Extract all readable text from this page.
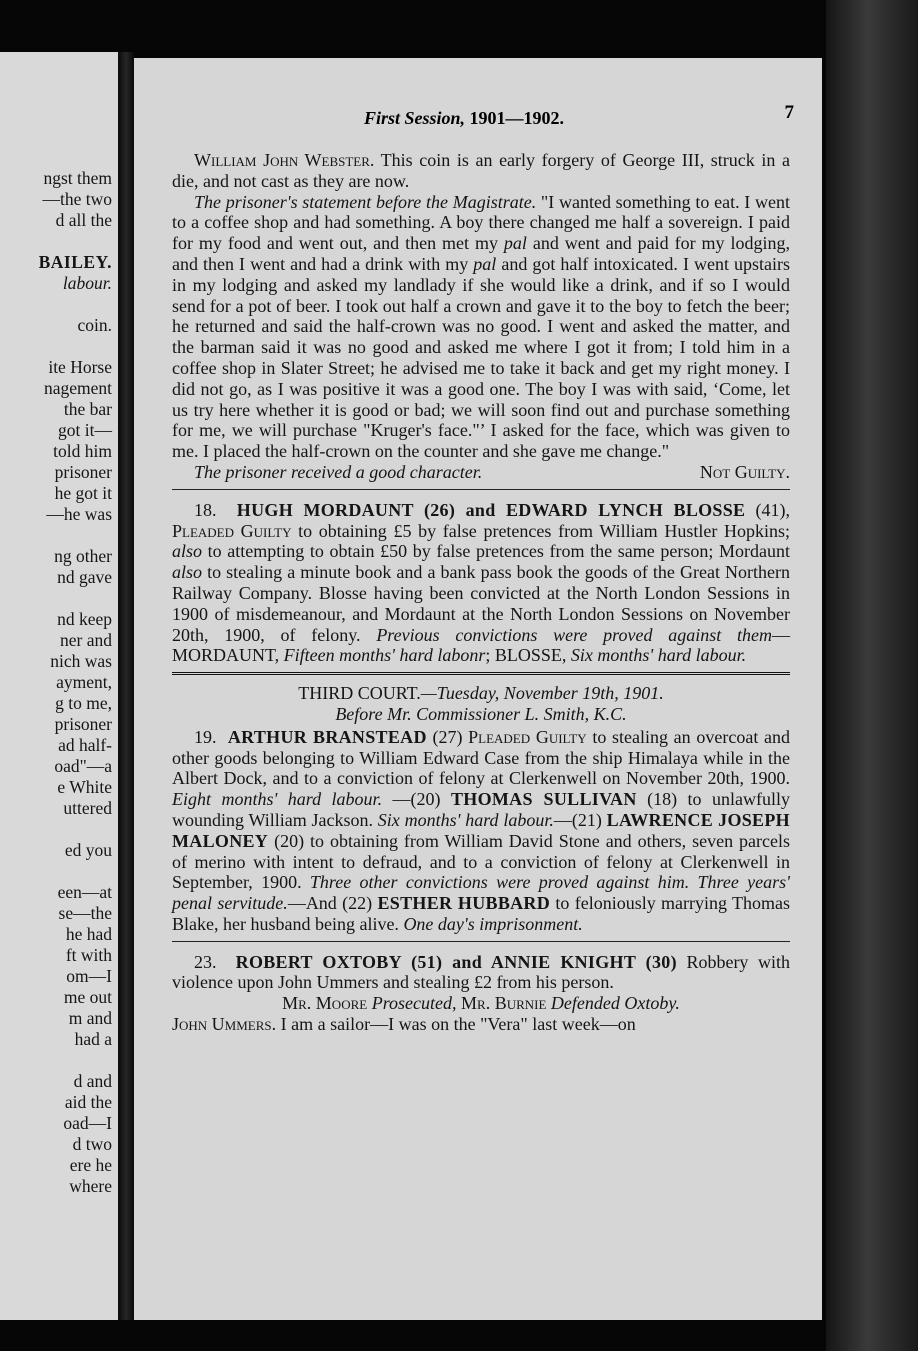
ngst them
—the two
d all the
BAILEY.
labour.
coin.
ite Horse
nagement
the bar
got it—
told him
prisoner
he got it
—he was
ng other
nd gave
nd keep
ner and
nich was
ayment,
g to me,
prisoner
ad half-
oad"—a
e White
uttered
ed you
een—at
se—the
he had
ft with
om—I
me out
m and
had a
d and
aid the
oad—I
d two
ere he
where
First Session, 1901—1902.	7

William John Webster. This coin is an early forgery of George III, struck in a die, and not cast as they are now.

The prisoner's statement before the Magistrate. "I wanted something to eat. I went to a coffee shop and had something. A boy there changed me half a sovereign. I paid for my food and went out, and then met my pal and went and paid for my lodging, and then I went and had a drink with my pal and got half intoxicated. I went upstairs in my lodging and asked my landlady if she would like a drink, and if so I would send for a pot of beer. I took out half a crown and gave it to the boy to fetch the beer; he returned and said the half-crown was no good. I went and asked the matter, and the barman said it was no good and asked me where I got it from; I told him in a coffee shop in Slater Street; he advised me to take it back and get my right money. I did not go, as I was positive it was a good one. The boy I was with said, ‘Come, let us try here whether it is good or bad; we will soon find out and purchase something for me, we will purchase "Kruger's face."’ I asked for the face, which was given to me. I placed the half-crown on the counter and she gave me change."

The prisoner received a good character.	Not Guilty.

18. HUGH MORDAUNT (26) and EDWARD LYNCH BLOSSE (41), Pleaded Guilty to obtaining £5 by false pretences from William Hustler Hopkins; also to attempting to obtain £50 by false pretences from the same person; Mordaunt also to stealing a minute book and a bank pass book the goods of the Great Northern Railway Company. Blosse having been convicted at the North London Sessions in 1900 of misdemeanour, and Mordaunt at the North London Sessions on November 20th, 1900, of felony. Previous convictions were proved against them—MORDAUNT, Fifteen months' hard labonr; BLOSSE, Six months' hard labour.

THIRD COURT.—Tuesday, November 19th, 1901.

Before Mr. Commissioner L. Smith, K.C.

19. ARTHUR BRANSTEAD (27) Pleaded Guilty to stealing an overcoat and other goods belonging to William Edward Case from the ship Himalaya while in the Albert Dock, and to a conviction of felony at Clerkenwell on November 20th, 1900. Eight months' hard labour. —(20) THOMAS SULLIVAN (18) to unlawfully wounding William Jackson. Six months' hard labour.—(21) LAWRENCE JOSEPH MALONEY (20) to obtaining from William David Stone and others, seven parcels of merino with intent to defraud, and to a conviction of felony at Clerkenwell in September, 1900. Three other convictions were proved against him. Three years' penal servitude.—And (22) ESTHER HUBBARD to feloniously marrying Thomas Blake, her husband being alive. One day's imprisonment.

23. ROBERT OXTOBY (51) and ANNIE KNIGHT (30) Robbery with violence upon John Ummers and stealing £2 from his person.

Mr. Moore Prosecuted, Mr. Burnie Defended Oxtoby.

John Ummers. I am a sailor—I was on the "Vera" last week—on
